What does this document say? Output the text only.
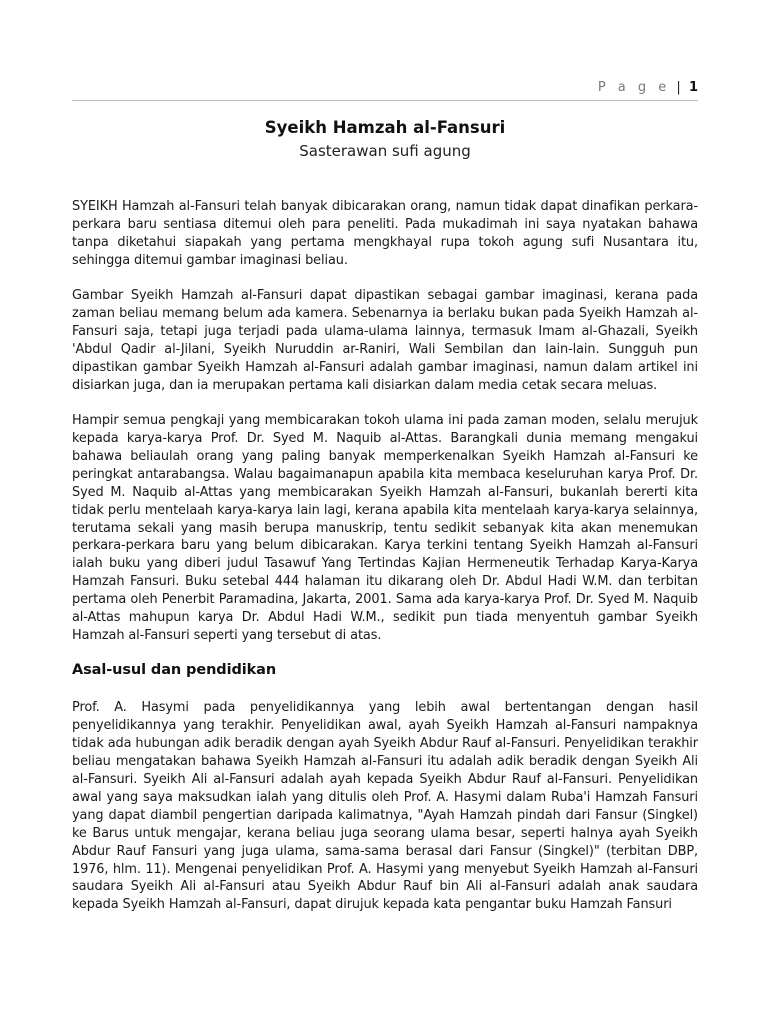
P a g e | 1
Syeikh Hamzah al-Fansuri
Sasterawan sufi agung

SYEIKH Hamzah al-Fansuri telah banyak dibicarakan orang, namun tidak dapat dinafikan perkara-perkara baru sentiasa ditemui oleh para peneliti. Pada mukadimah ini saya nyatakan bahawa tanpa diketahui siapakah yang pertama mengkhayal rupa tokoh agung sufi Nusantara itu, sehingga ditemui gambar imaginasi beliau.

Gambar Syeikh Hamzah al-Fansuri dapat dipastikan sebagai gambar imaginasi, kerana pada zaman beliau memang belum ada kamera. Sebenarnya ia berlaku bukan pada Syeikh Hamzah al-Fansuri saja, tetapi juga terjadi pada ulama-ulama lainnya, termasuk Imam al-Ghazali, Syeikh 'Abdul Qadir al-Jilani, Syeikh Nuruddin ar-Raniri, Wali Sembilan dan lain-lain. Sungguh pun dipastikan gambar Syeikh Hamzah al-Fansuri adalah gambar imaginasi, namun dalam artikel ini disiarkan juga, dan ia merupakan pertama kali disiarkan dalam media cetak secara meluas.

Hampir semua pengkaji yang membicarakan tokoh ulama ini pada zaman moden, selalu merujuk kepada karya-karya Prof. Dr. Syed M. Naquib al-Attas. Barangkali dunia memang mengakui bahawa beliaulah orang yang paling banyak memperkenalkan Syeikh Hamzah al-Fansuri ke peringkat antarabangsa. Walau bagaimanapun apabila kita membaca keseluruhan karya Prof. Dr. Syed M. Naquib al-Attas yang membicarakan Syeikh Hamzah al-Fansuri, bukanlah bererti kita tidak perlu mentelaah karya-karya lain lagi, kerana apabila kita mentelaah karya-karya selainnya, terutama sekali yang masih berupa manuskrip, tentu sedikit sebanyak kita akan menemukan perkara-perkara baru yang belum dibicarakan. Karya terkini tentang Syeikh Hamzah al-Fansuri ialah buku yang diberi judul Tasawuf Yang Tertindas Kajian Hermeneutik Terhadap Karya-Karya Hamzah Fansuri. Buku setebal 444 halaman itu dikarang oleh Dr. Abdul Hadi W.M. dan terbitan pertama oleh Penerbit Paramadina, Jakarta, 2001. Sama ada karya-karya Prof. Dr. Syed M. Naquib al-Attas mahupun karya Dr. Abdul Hadi W.M., sedikit pun tiada menyentuh gambar Syeikh Hamzah al-Fansuri seperti yang tersebut di atas.

Asal-usul dan pendidikan

Prof. A. Hasymi pada penyelidikannya yang lebih awal bertentangan dengan hasil penyelidikannya yang terakhir. Penyelidikan awal, ayah Syeikh Hamzah al-Fansuri nampaknya tidak ada hubungan adik beradik dengan ayah Syeikh Abdur Rauf al-Fansuri. Penyelidikan terakhir beliau mengatakan bahawa Syeikh Hamzah al-Fansuri itu adalah adik beradik dengan Syeikh Ali al-Fansuri. Syeikh Ali al-Fansuri adalah ayah kepada Syeikh Abdur Rauf al-Fansuri. Penyelidikan awal yang saya maksudkan ialah yang ditulis oleh Prof. A. Hasymi dalam Ruba'i Hamzah Fansuri yang dapat diambil pengertian daripada kalimatnya, "Ayah Hamzah pindah dari Fansur (Singkel) ke Barus untuk mengajar, kerana beliau juga seorang ulama besar, seperti halnya ayah Syeikh Abdur Rauf Fansuri yang juga ulama, sama-sama berasal dari Fansur (Singkel)" (terbitan DBP, 1976, hlm. 11). Mengenai penyelidikan Prof. A. Hasymi yang menyebut Syeikh Hamzah al-Fansuri saudara Syeikh Ali al-Fansuri atau Syeikh Abdur Rauf bin Ali al-Fansuri adalah anak saudara kepada Syeikh Hamzah al-Fansuri, dapat dirujuk kepada kata pengantar buku Hamzah Fansuri
